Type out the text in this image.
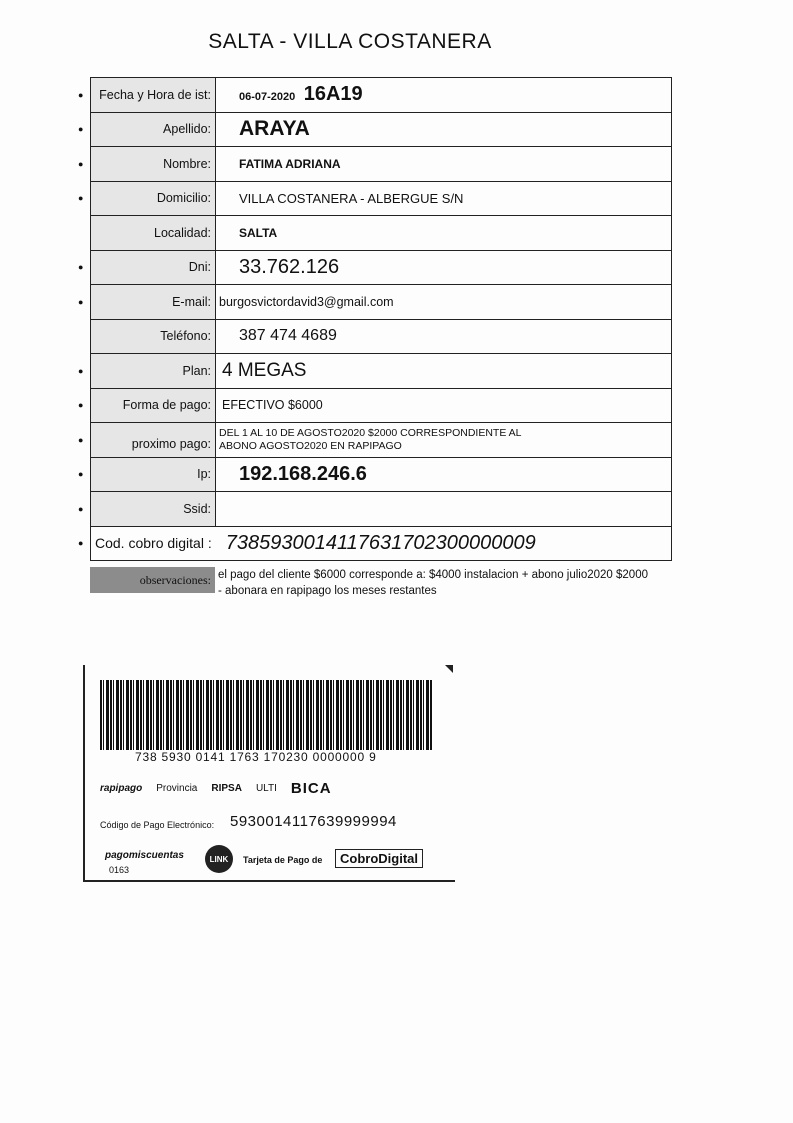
SALTA - VILLA COSTANERA
●	Fecha y Hora de ist:	06-07-2020 16A19
●	Apellido:	ARAYA
●	Nombre:	FATIMA ADRIANA
●	Domicilio:	VILLA COSTANERA - ALBERGUE S/N
Localidad:	SALTA
●	Dni:	33.762.126
●	E-mail: burgosvictordavid3@gmail.com
Teléfono:	387 474 4689
●	Plan: 4 MEGAS
●	Forma de pago: EFECTIVO $6000
●	proximo pago:
DEL 1 AL 10 DE AGOSTO2020 $2000 CORRESPONDIENTE AL
ABONO AGOSTO2020 EN RAPIPAGO
●	Ip:	192.168.246.6
●	Ssid:
● Cod. cobro digital : 7385930014117631702300000009
observaciones: el pago del cliente $6000 corresponde a: $4000 instalacion + abono julio2020 $2000 - abonara en rapipago los meses restantes
738 5930 0141 1763 170230 0000000 9
rapipago Provincia RIPSA ULTI BICA
Código de Pago Electrónico: 5930014117639999994
pagomiscuentas
0163
LINK	Tarjeta de Pago de	CobroDigital
